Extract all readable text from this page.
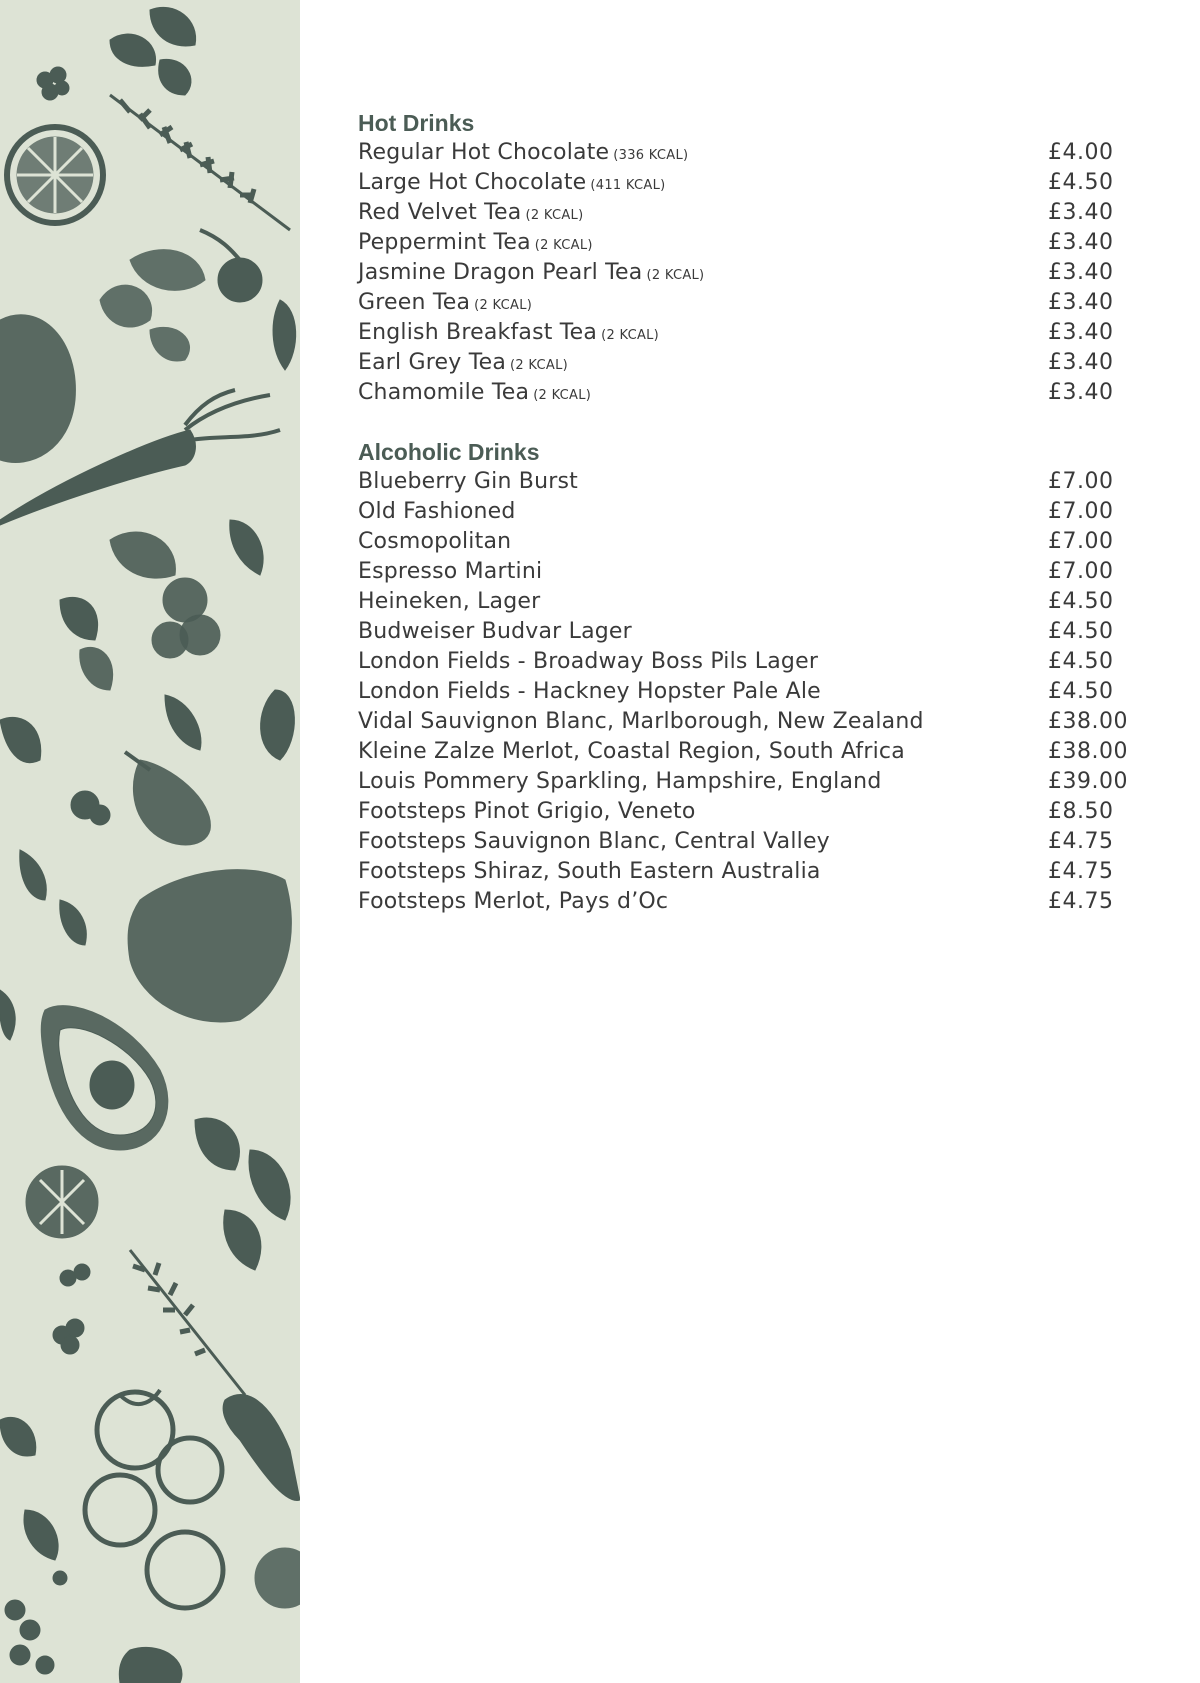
Hot Drinks
Regular Hot Chocolate (336 KCAL)	£4.00
Large Hot Chocolate (411 KCAL)	£4.50
Red Velvet Tea (2 KCAL)	£3.40
Peppermint Tea (2 KCAL)	£3.40
Jasmine Dragon Pearl Tea (2 KCAL)	£3.40
Green Tea (2 KCAL)	£3.40
English Breakfast Tea (2 KCAL)	£3.40
Earl Grey Tea (2 KCAL)	£3.40
Chamomile Tea (2 KCAL)	£3.40
Alcoholic Drinks
Blueberry Gin Burst	£7.00
Old Fashioned	£7.00
Cosmopolitan	£7.00
Espresso Martini	£7.00
Heineken, Lager	£4.50
Budweiser Budvar Lager	£4.50
London Fields - Broadway Boss Pils Lager	£4.50
London Fields - Hackney Hopster Pale Ale	£4.50
Vidal Sauvignon Blanc, Marlborough, New Zealand	£38.00
Kleine Zalze Merlot, Coastal Region, South Africa	£38.00
Louis Pommery Sparkling, Hampshire, England	£39.00
Footsteps Pinot Grigio, Veneto	£8.50
Footsteps Sauvignon Blanc, Central Valley	£4.75
Footsteps Shiraz, South Eastern Australia	£4.75
Footsteps Merlot, Pays d’Oc	£4.75
